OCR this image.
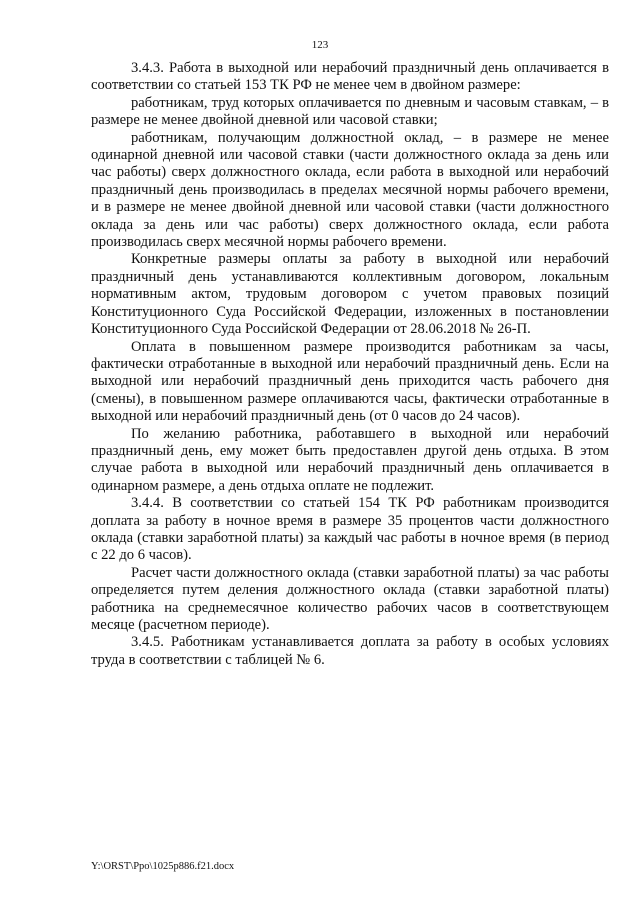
123

3.4.3. Работа в выходной или нерабочий праздничный день оплачивается в соответствии со статьей 153 ТК РФ не менее чем в двойном размере:

работникам, труд которых оплачивается по дневным и часовым ставкам, – в размере не менее двойной дневной или часовой ставки;

работникам, получающим должностной оклад, – в размере не менее одинарной дневной или часовой ставки (части должностного оклада за день или час работы) сверх должностного оклада, если работа в выходной или нерабочий праздничный день производилась в пределах месячной нормы рабочего времени, и в размере не менее двойной дневной или часовой ставки (части должностного оклада за день или час работы) сверх должностного оклада, если работа производилась сверх месячной нормы рабочего времени.

Конкретные размеры оплаты за работу в выходной или нерабочий праздничный день устанавливаются коллективным договором, локальным нормативным актом, трудовым договором с учетом правовых позиций Конституционного Суда Российской Федерации, изложенных в постановлении Конституционного Суда Российской Федерации от 28.06.2018 № 26-П.

Оплата в повышенном размере производится работникам за часы, фактически отработанные в выходной или нерабочий праздничный день. Если на выходной или нерабочий праздничный день приходится часть рабочего дня (смены), в повышенном размере оплачиваются часы, фактически отработанные в выходной или нерабочий праздничный день (от 0 часов до 24 часов).

По желанию работника, работавшего в выходной или нерабочий праздничный день, ему может быть предоставлен другой день отдыха. В этом случае работа в выходной или нерабочий праздничный день оплачивается в одинарном размере, а день отдыха оплате не подлежит.

3.4.4. В соответствии со статьей 154 ТК РФ работникам производится доплата за работу в ночное время в размере 35 процентов части должностного оклада (ставки заработной платы) за каждый час работы в ночное время (в период с 22 до 6 часов).

Расчет части должностного оклада (ставки заработной платы) за час работы определяется путем деления должностного оклада (ставки заработной платы) работника на среднемесячное количество рабочих часов в соответствующем месяце (расчетном периоде).

3.4.5. Работникам устанавливается доплата за работу в особых условиях труда в соответствии с таблицей № 6.

Y:\ORST\Ppo\1025p886.f21.docx
